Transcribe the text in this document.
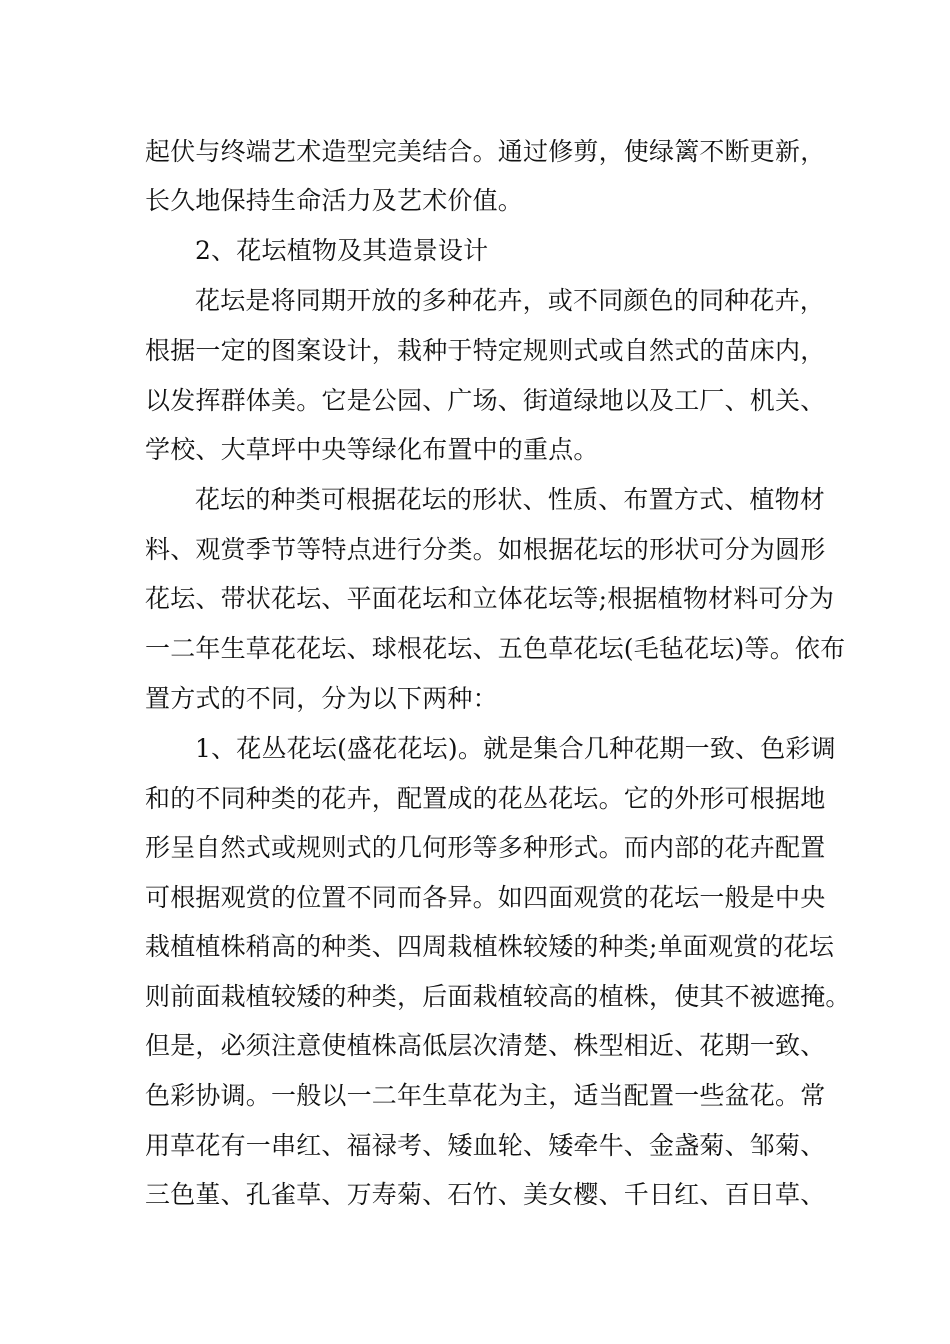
起伏与终端艺术造型完美结合。通过修剪，使绿篱不断更新，
长久地保持生命活力及艺术价值。
2、花坛植物及其造景设计
花坛是将同期开放的多种花卉，或不同颜色的同种花卉，
根据一定的图案设计，栽种于特定规则式或自然式的苗床内，
以发挥群体美。它是公园、广场、街道绿地以及工厂、机关、
学校、大草坪中央等绿化布置中的重点。
花坛的种类可根据花坛的形状、性质、布置方式、植物材
料、观赏季节等特点进行分类。如根据花坛的形状可分为圆形
花坛、带状花坛、平面花坛和立体花坛等;根据植物材料可分为
一二年生草花花坛、球根花坛、五色草花坛(毛毡花坛)等。依布
置方式的不同，分为以下两种：
1、花丛花坛(盛花花坛)。就是集合几种花期一致、色彩调
和的不同种类的花卉，配置成的花丛花坛。它的外形可根据地
形呈自然式或规则式的几何形等多种形式。而内部的花卉配置
可根据观赏的位置不同而各异。如四面观赏的花坛一般是中央
栽植植株稍高的种类、四周栽植株较矮的种类;单面观赏的花坛
则前面栽植较矮的种类，后面栽植较高的植株，使其不被遮掩。
但是，必须注意使植株高低层次清楚、株型相近、花期一致、
色彩协调。一般以一二年生草花为主，适当配置一些盆花。常
用草花有一串红、福禄考、矮血轮、矮牵牛、金盏菊、邹菊、
三色堇、孔雀草、万寿菊、石竹、美女樱、千日红、百日草、
